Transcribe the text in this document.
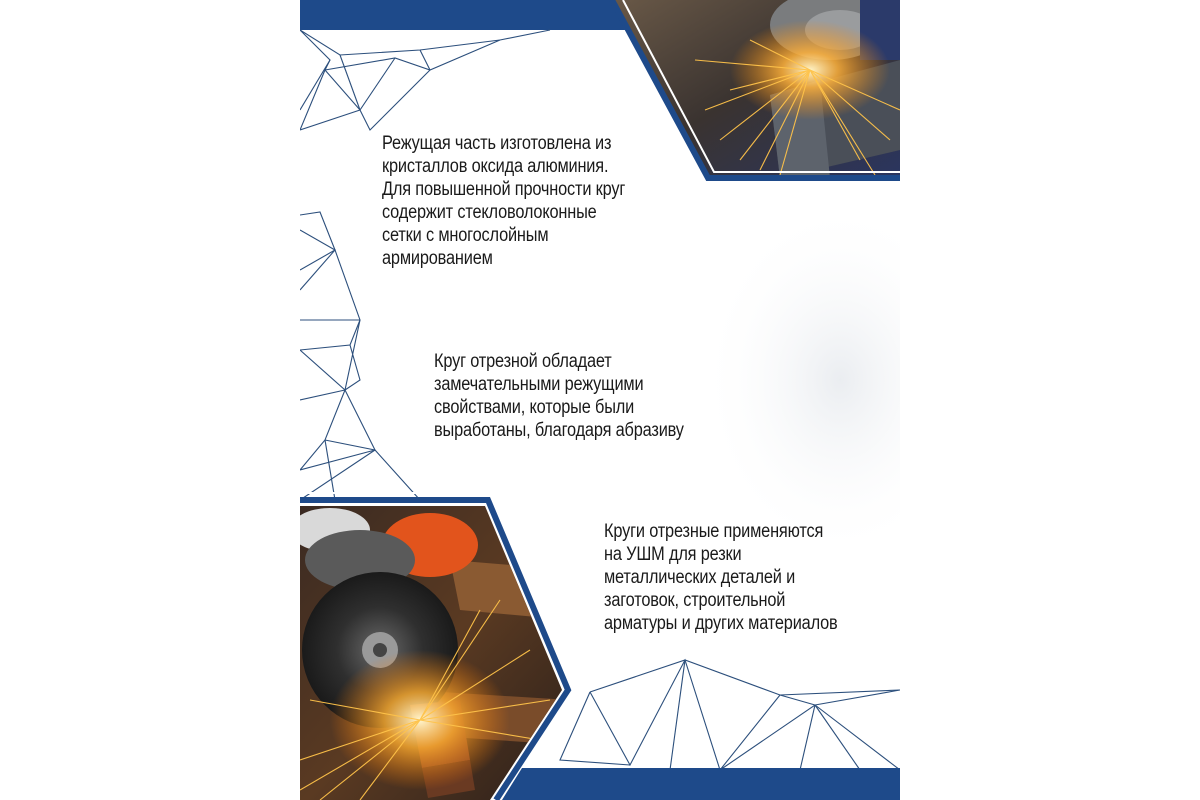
Режущая часть изготовлена из
кристаллов оксида алюминия.
Для повышенной прочности круг
содержит стекловолоконные
сетки с многослойным
армированием
Круг отрезной обладает
замечательными режущими
свойствами, которые были
выработаны, благодаря абразиву
Круги отрезные применяются
на УШМ для резки
металлических деталей и
заготовок, строительной
арматуры и других материалов
